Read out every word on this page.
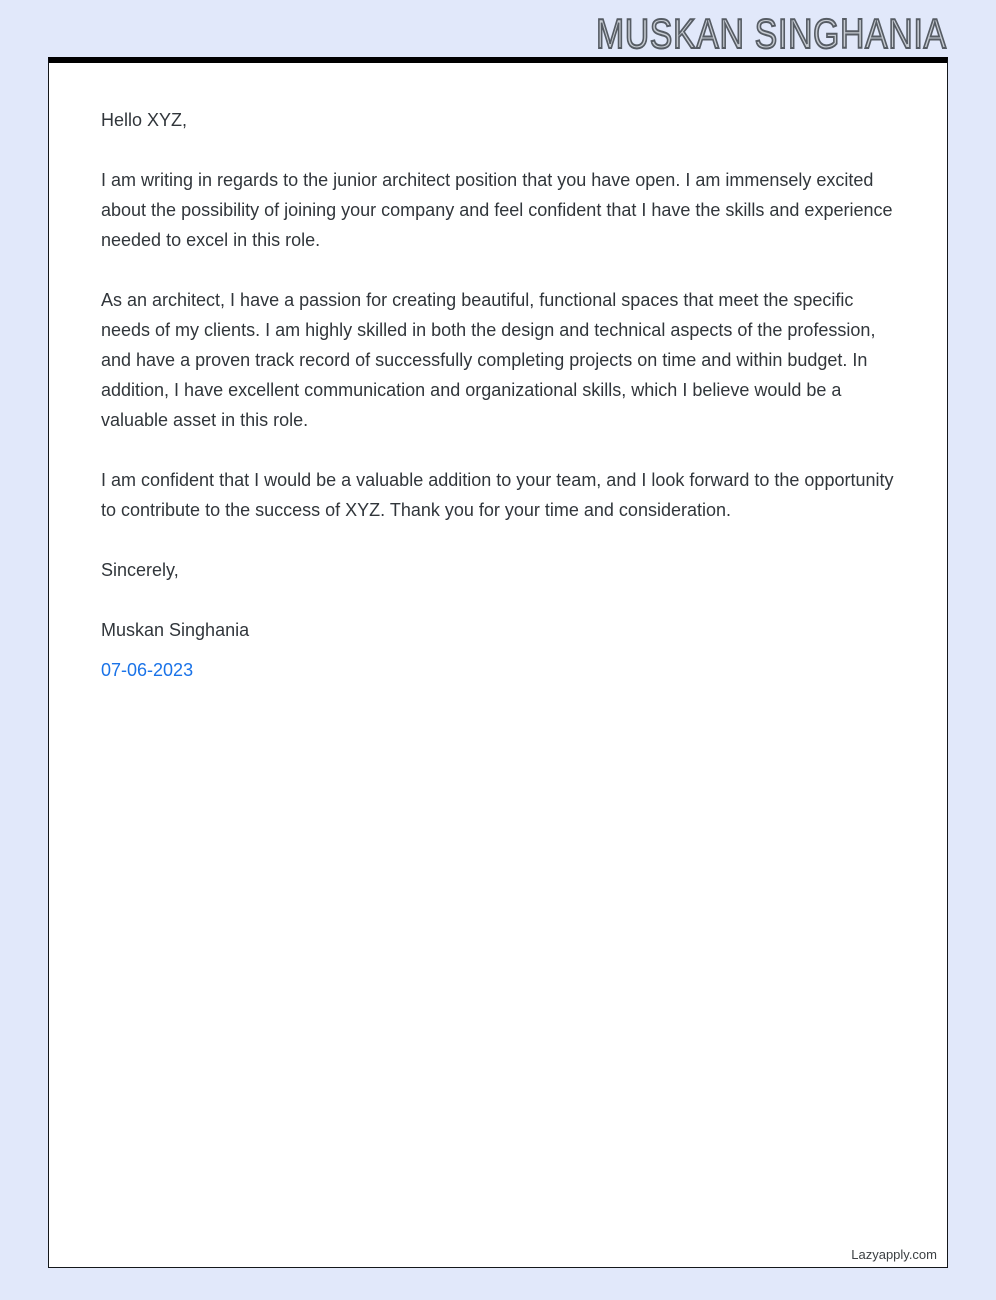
MUSKAN SINGHANIA

Hello XYZ,

I am writing in regards to the junior architect position that you have open. I am immensely excited about the possibility of joining your company and feel confident that I have the skills and experience needed to excel in this role.

As an architect, I have a passion for creating beautiful, functional spaces that meet the specific needs of my clients. I am highly skilled in both the design and technical aspects of the profession, and have a proven track record of successfully completing projects on time and within budget. In addition, I have excellent communication and organizational skills, which I believe would be a valuable asset in this role.

I am confident that I would be a valuable addition to your team, and I look forward to the opportunity to contribute to the success of XYZ. Thank you for your time and consideration.

Sincerely,

Muskan Singhania

07-06-2023

Lazyapply.com
